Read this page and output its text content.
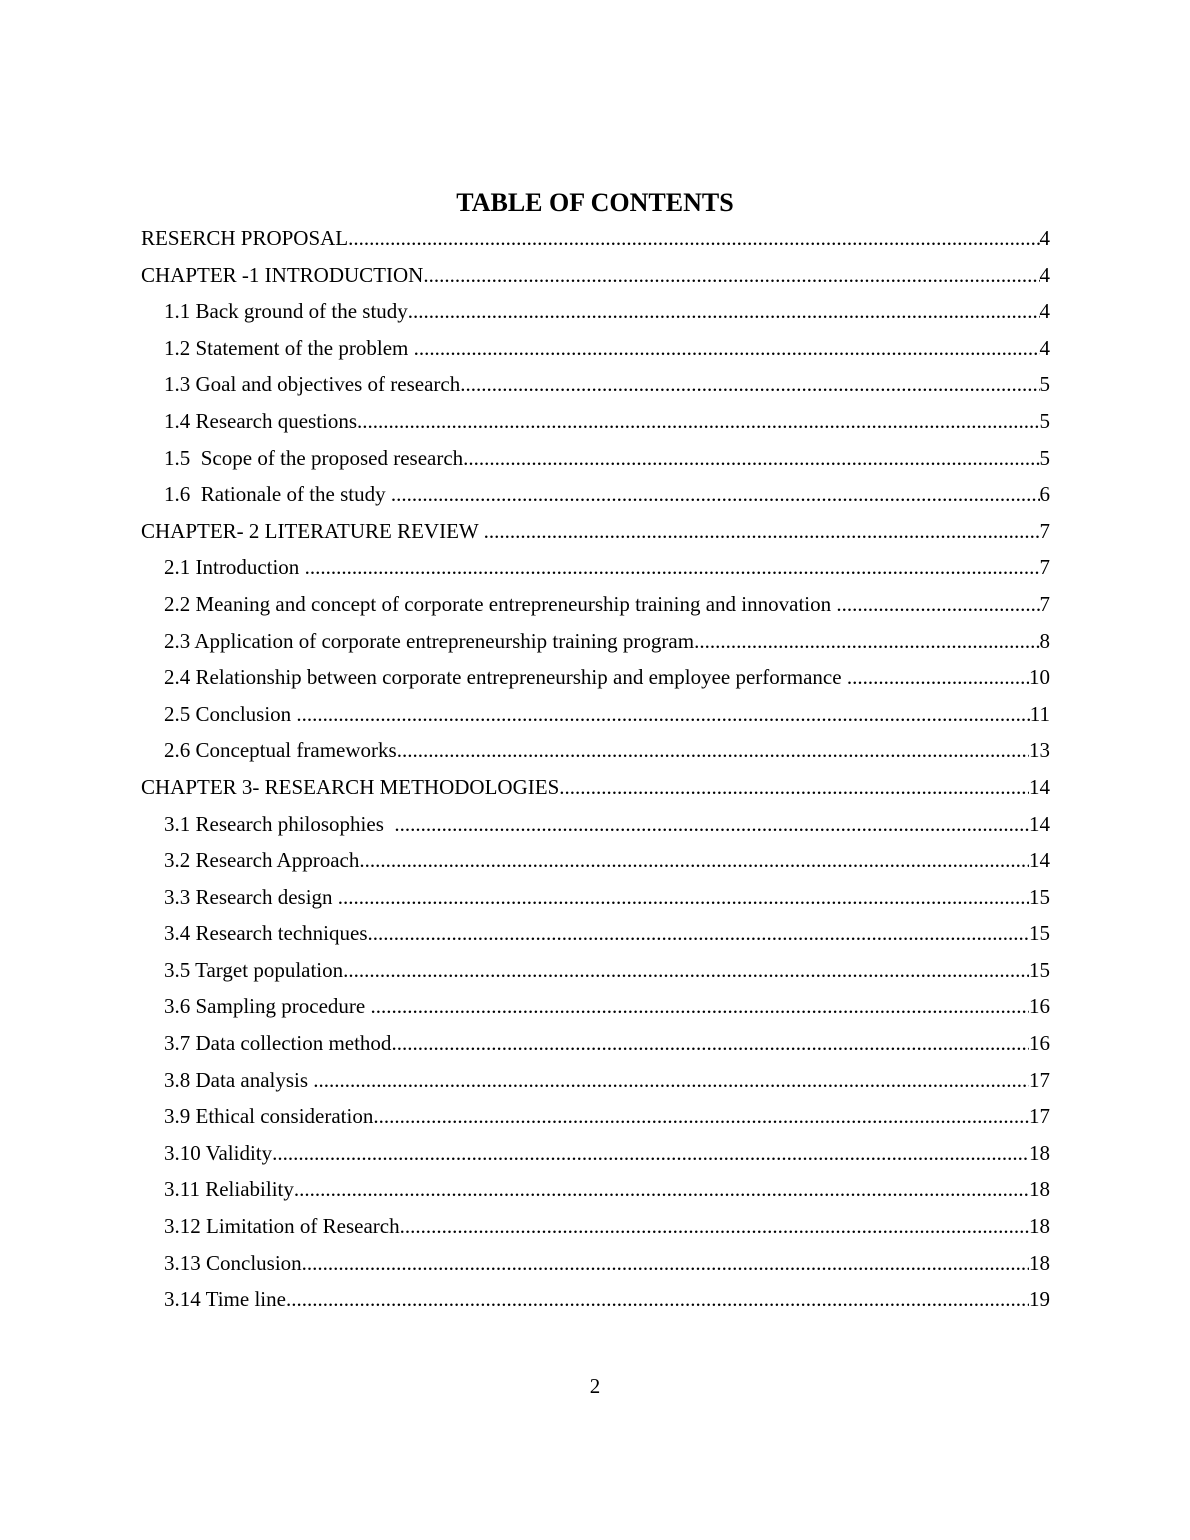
TABLE OF CONTENTS
RESERCH PROPOSAL .....	4
CHAPTER -1 INTRODUCTION .....	4
1.1 Back ground of the study .....	4
1.2 Statement of the problem .....	4
1.3 Goal and objectives of research .....	5
1.4 Research questions .....	5
1.5  Scope of the proposed research .....	5
1.6  Rationale of the study .....	6
CHAPTER- 2 LITERATURE REVIEW .....	7
2.1 Introduction .....	7
2.2 Meaning and concept of corporate entrepreneurship training and innovation .....	7
2.3 Application of corporate entrepreneurship training program .....	8
2.4 Relationship between corporate entrepreneurship and employee performance .....	10
2.5 Conclusion .....	11
2.6 Conceptual frameworks .....	13
CHAPTER 3- RESEARCH METHODOLOGIES .....	14
3.1 Research philosophies .....	14
3.2 Research Approach .....	14
3.3 Research design .....	15
3.4 Research techniques .....	15
3.5 Target population .....	15
3.6 Sampling procedure .....	16
3.7 Data collection method .....	16
3.8 Data analysis .....	17
3.9 Ethical consideration .....	17
3.10 Validity .....	18
3.11 Reliability .....	18
3.12 Limitation of Research .....	18
3.13 Conclusion .....	18
3.14 Time line .....	19
2
